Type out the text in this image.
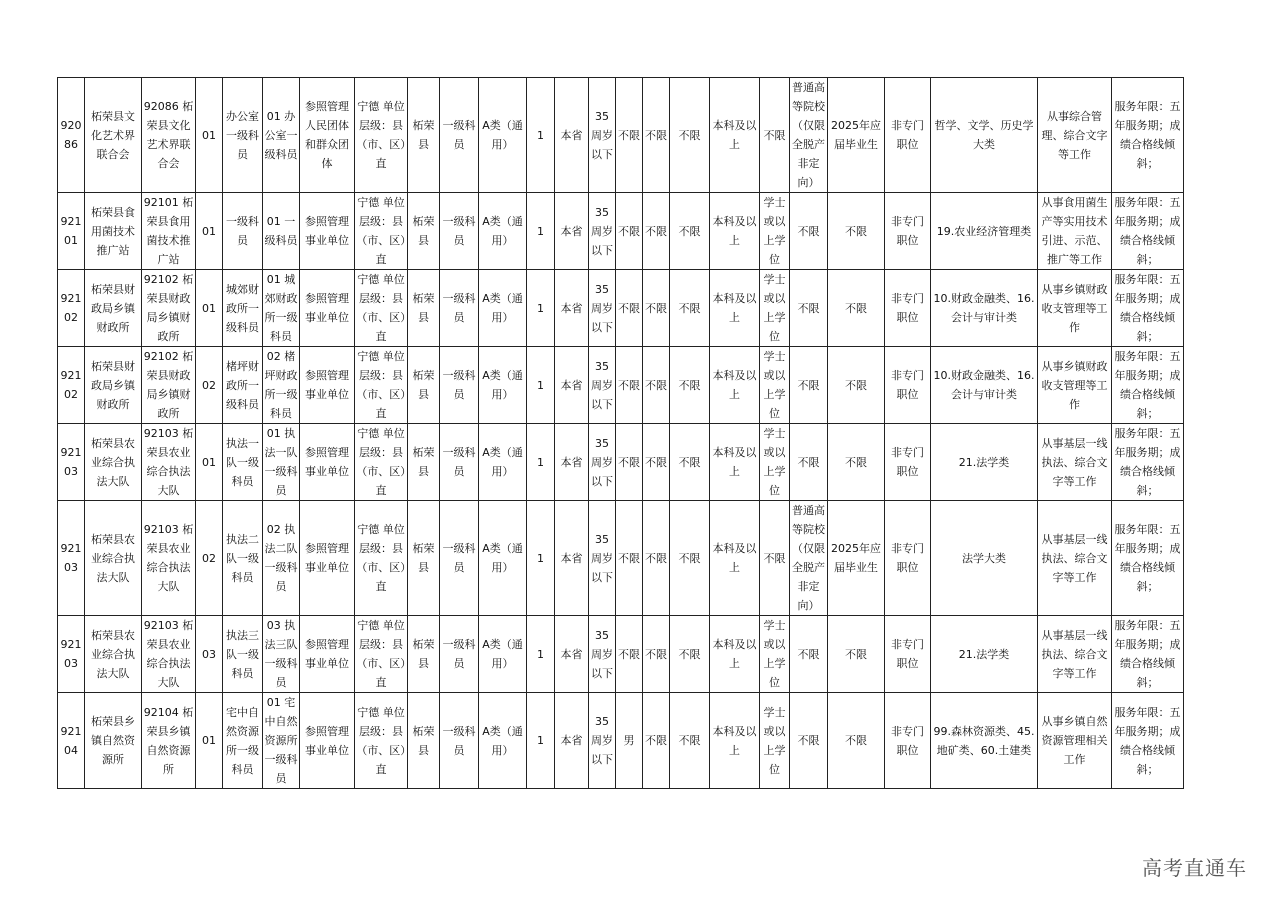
92086	柘荣县文化艺术界联合会	92086 柘荣县文化艺术界联合会	01	办公室一级科员	01 办公室一级科员	参照管理人民团体和群众团体	宁德 单位层级：县（市、区）直	柘荣县	一级科员	A类（通用）	1	本省	35周岁以下	不限	不限	不限	本科及以上	不限	普通高等院校（仅限全脱产非定向）	2025年应届毕业生	非专门职位	哲学、文学、历史学大类	从事综合管理、综合文字等工作	服务年限：五年服务期；成绩合格线倾斜；
92101	柘荣县食用菌技术推广站	92101 柘荣县食用菌技术推广站	01	一级科员	01 一级科员	参照管理事业单位	宁德 单位层级：县（市、区）直	柘荣县	一级科员	A类（通用）	1	本省	35周岁以下	不限	不限	不限	本科及以上	学士或以上学位	不限	不限	非专门职位	19.农业经济管理类	从事食用菌生产等实用技术引进、示范、推广等工作	服务年限：五年服务期；成绩合格线倾斜；
92102	柘荣县财政局乡镇财政所	92102 柘荣县财政局乡镇财政所	01	城郊财政所一级科员	01 城郊财政所一级科员	参照管理事业单位	宁德 单位层级：县（市、区）直	柘荣县	一级科员	A类（通用）	1	本省	35周岁以下	不限	不限	不限	本科及以上	学士或以上学位	不限	不限	非专门职位	10.财政金融类、16.会计与审计类	从事乡镇财政收支管理等工作	服务年限：五年服务期；成绩合格线倾斜；
92102	柘荣县财政局乡镇财政所	92102 柘荣县财政局乡镇财政所	02	楮坪财政所一级科员	02 楮坪财政所一级科员	参照管理事业单位	宁德 单位层级：县（市、区）直	柘荣县	一级科员	A类（通用）	1	本省	35周岁以下	不限	不限	不限	本科及以上	学士或以上学位	不限	不限	非专门职位	10.财政金融类、16.会计与审计类	从事乡镇财政收支管理等工作	服务年限：五年服务期；成绩合格线倾斜；
92103	柘荣县农业综合执法大队	92103 柘荣县农业综合执法大队	01	执法一队一级科员	01 执法一队一级科员	参照管理事业单位	宁德 单位层级：县（市、区）直	柘荣县	一级科员	A类（通用）	1	本省	35周岁以下	不限	不限	不限	本科及以上	学士或以上学位	不限	不限	非专门职位	21.法学类	从事基层一线执法、综合文字等工作	服务年限：五年服务期；成绩合格线倾斜；
92103	柘荣县农业综合执法大队	92103 柘荣县农业综合执法大队	02	执法二队一级科员	02 执法二队一级科员	参照管理事业单位	宁德 单位层级：县（市、区）直	柘荣县	一级科员	A类（通用）	1	本省	35周岁以下	不限	不限	不限	本科及以上	不限	普通高等院校（仅限全脱产非定向）	2025年应届毕业生	非专门职位	法学大类	从事基层一线执法、综合文字等工作	服务年限：五年服务期；成绩合格线倾斜；
92103	柘荣县农业综合执法大队	92103 柘荣县农业综合执法大队	03	执法三队一级科员	03 执法三队一级科员	参照管理事业单位	宁德 单位层级：县（市、区）直	柘荣县	一级科员	A类（通用）	1	本省	35周岁以下	不限	不限	不限	本科及以上	学士或以上学位	不限	不限	非专门职位	21.法学类	从事基层一线执法、综合文字等工作	服务年限：五年服务期；成绩合格线倾斜；
92104	柘荣县乡镇自然资源所	92104 柘荣县乡镇自然资源所	01	宅中自然资源所一级科员	01 宅中自然资源所一级科员	参照管理事业单位	宁德 单位层级：县（市、区）直	柘荣县	一级科员	A类（通用）	1	本省	35周岁以下	男	不限	不限	本科及以上	学士或以上学位	不限	不限	非专门职位	99.森林资源类、45.地矿类、60.土建类	从事乡镇自然资源管理相关工作	服务年限：五年服务期；成绩合格线倾斜；
高考直通车
